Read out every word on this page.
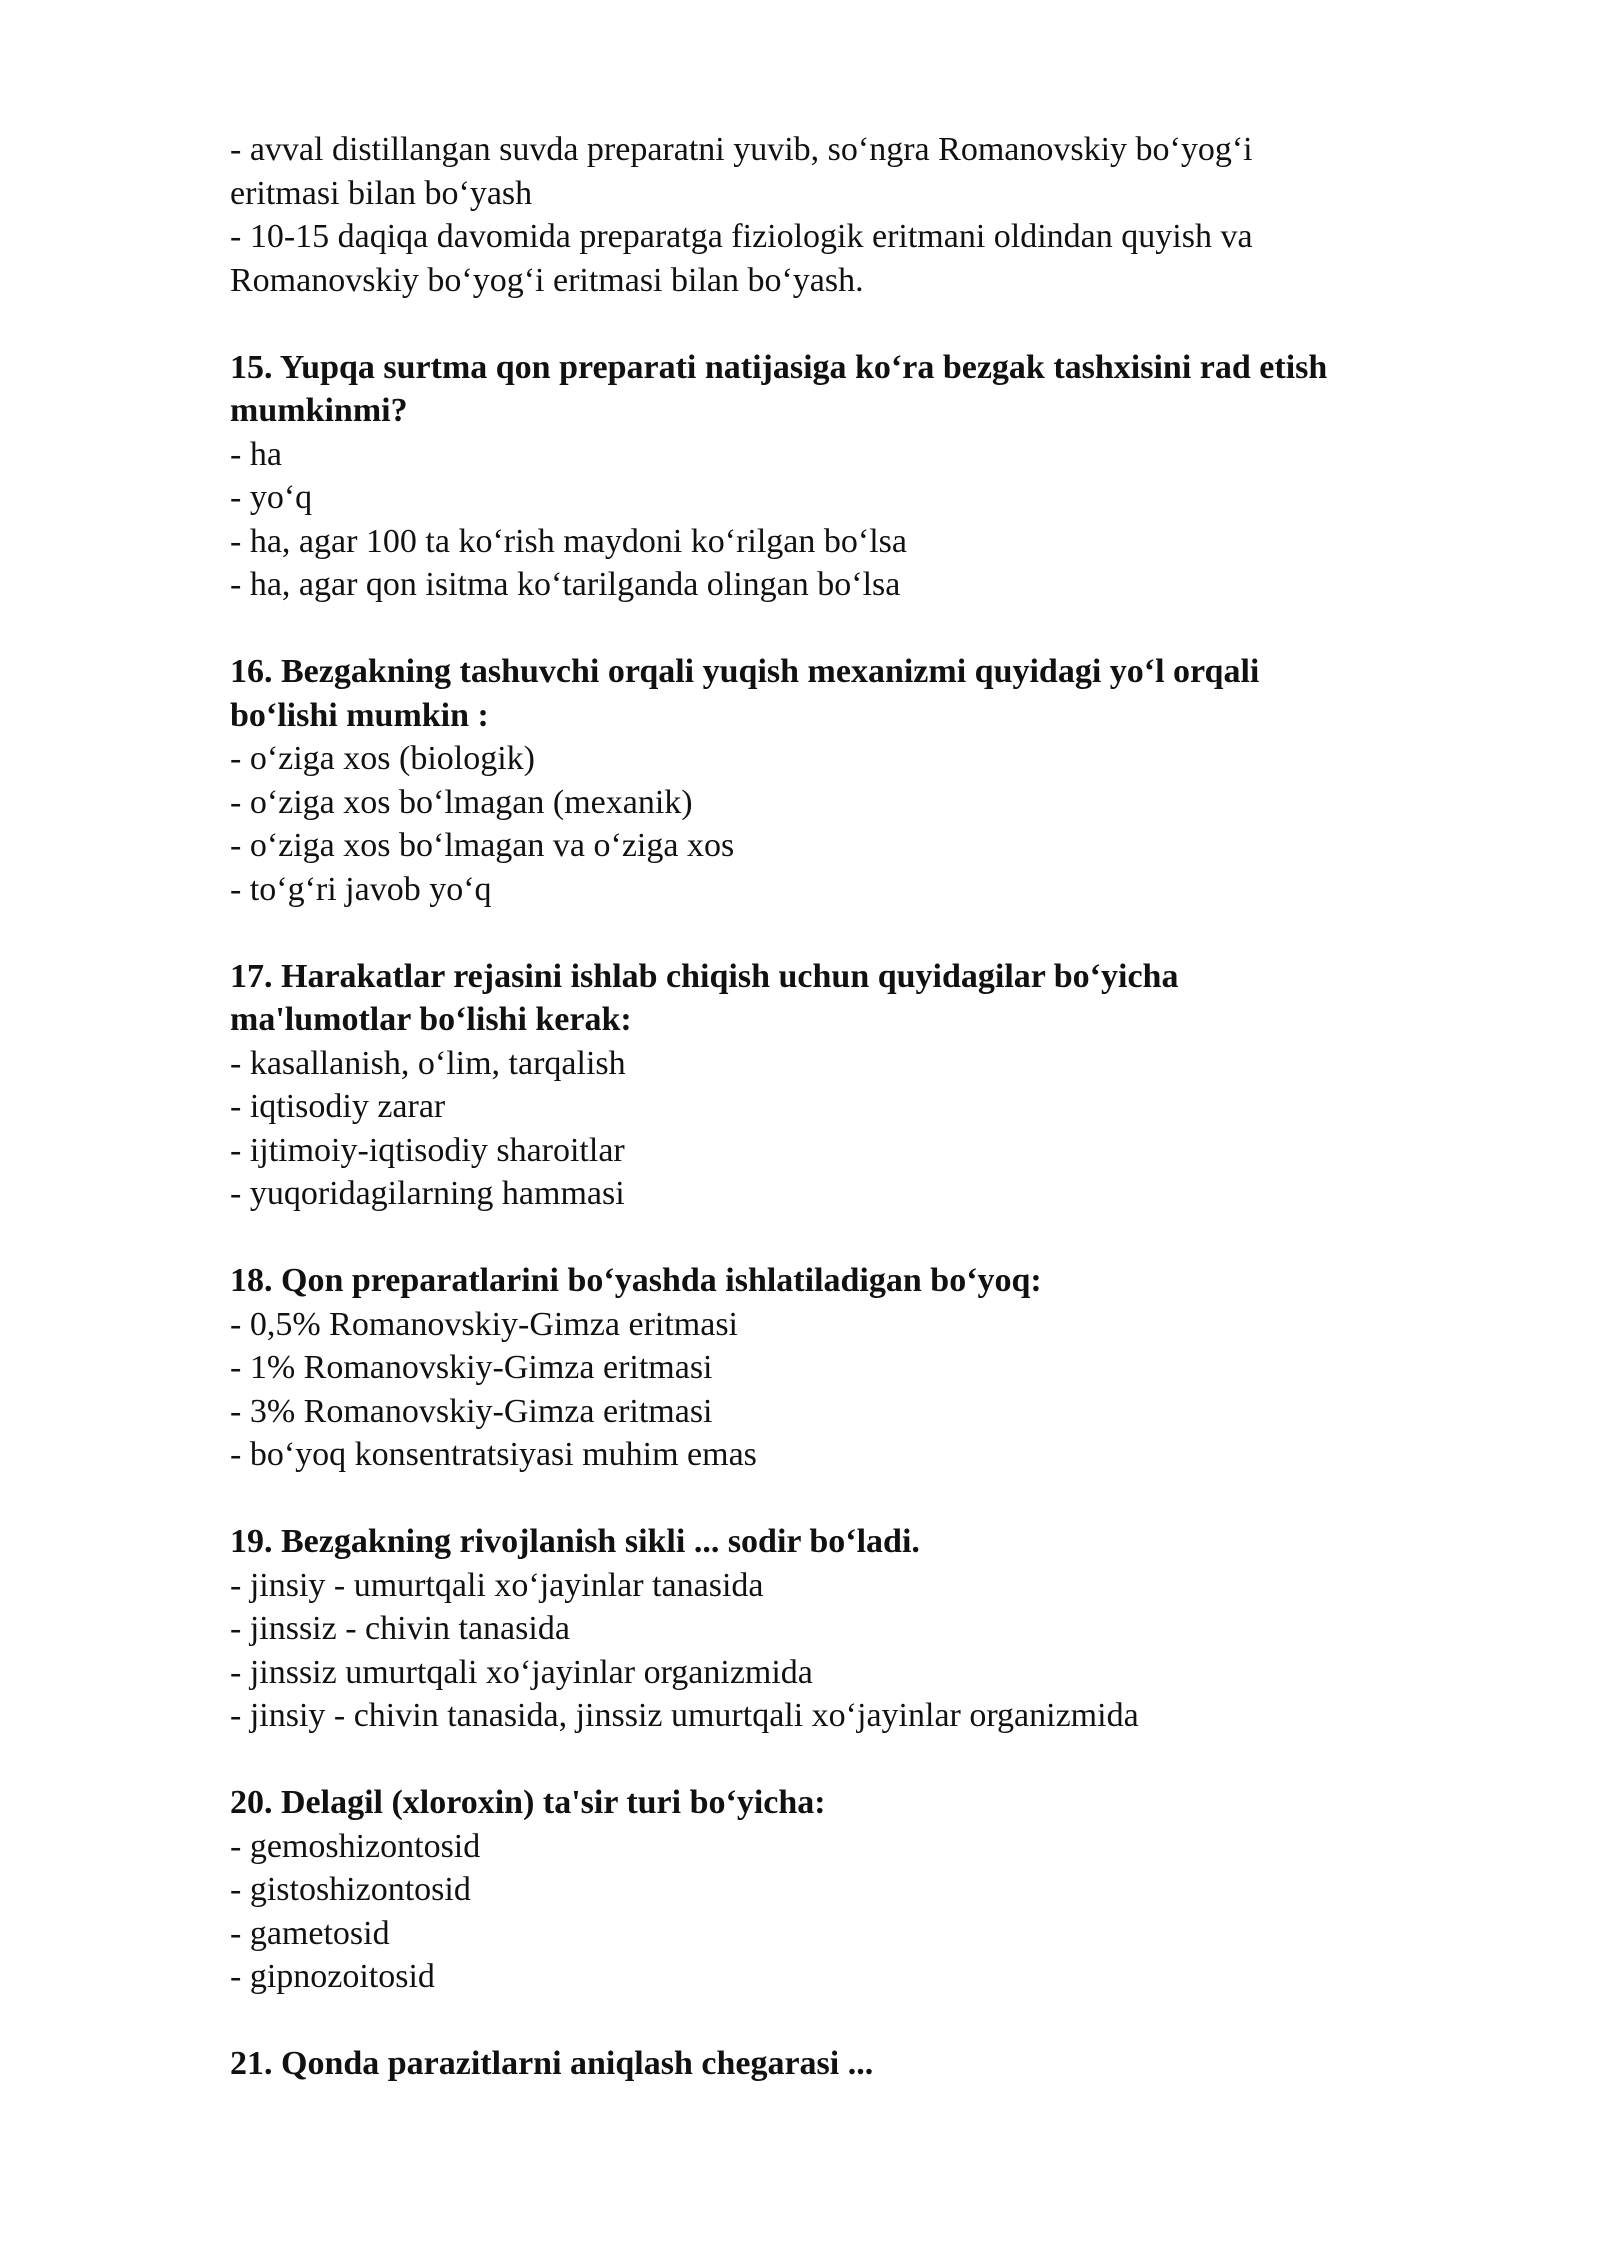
- avval distillangan suvda preparatni yuvib, so‘ngra Romanovskiy bo‘yog‘i
eritmasi bilan bo‘yash
- 10-15 daqiqa davomida preparatga fiziologik eritmani oldindan quyish va
Romanovskiy bo‘yog‘i eritmasi bilan bo‘yash.
15. Yupqa surtma qon preparati natijasiga ko‘ra bezgak tashxisini rad etish
mumkinmi?
- ha
- yo‘q
- ha, agar 100 ta ko‘rish maydoni ko‘rilgan bo‘lsa
- ha, agar qon isitma ko‘tarilganda olingan bo‘lsa
16. Bezgakning tashuvchi orqali yuqish mexanizmi quyidagi yo‘l orqali
bo‘lishi mumkin :
- o‘ziga xos (biologik)
- o‘ziga xos bo‘lmagan (mexanik)
- o‘ziga xos bo‘lmagan va o‘ziga xos
- to‘g‘ri javob yo‘q
17. Harakatlar rejasini ishlab chiqish uchun quyidagilar bo‘yicha
ma'lumotlar bo‘lishi kerak:
- kasallanish, o‘lim, tarqalish
- iqtisodiy zarar
- ijtimoiy-iqtisodiy sharoitlar
- yuqoridagilarning hammasi
18. Qon preparatlarini bo‘yashda ishlatiladigan bo‘yoq:
- 0,5% Romanovskiy-Gimza eritmasi
- 1% Romanovskiy-Gimza eritmasi
- 3% Romanovskiy-Gimza eritmasi
- bo‘yoq konsentratsiyasi muhim emas
19. Bezgakning rivojlanish sikli ... sodir bo‘ladi.
- jinsiy - umurtqali xo‘jayinlar tanasida
- jinssiz - chivin tanasida
- jinssiz umurtqali xo‘jayinlar organizmida
- jinsiy - chivin tanasida, jinssiz umurtqali xo‘jayinlar organizmida
20. Delagil (xloroxin) ta'sir turi bo‘yicha:
- gemoshizontosid
- gistoshizontosid
- gametosid
- gipnozoitosid
21. Qonda parazitlarni aniqlash chegarasi ...
